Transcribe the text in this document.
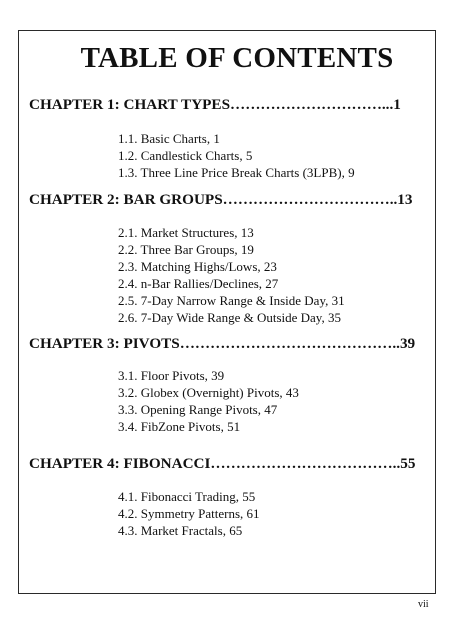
TABLE OF CONTENTS
CHAPTER 1: CHART TYPES…………………………...1
1.1. Basic Charts, 1
1.2. Candlestick Charts, 5
1.3. Three Line Price Break Charts (3LPB), 9
CHAPTER 2: BAR GROUPS……………………………..13
2.1. Market Structures, 13
2.2. Three Bar Groups, 19
2.3. Matching Highs/Lows, 23
2.4. n-Bar Rallies/Declines, 27
2.5. 7-Day Narrow Range & Inside Day, 31
2.6. 7-Day Wide Range & Outside Day, 35
CHAPTER 3: PIVOTS……………………………………..39
3.1. Floor Pivots, 39
3.2. Globex (Overnight) Pivots, 43
3.3. Opening Range Pivots, 47
3.4. FibZone Pivots, 51
CHAPTER 4: FIBONACCI………………………………..55
4.1. Fibonacci Trading, 55
4.2. Symmetry Patterns, 61
4.3. Market Fractals, 65
vii
